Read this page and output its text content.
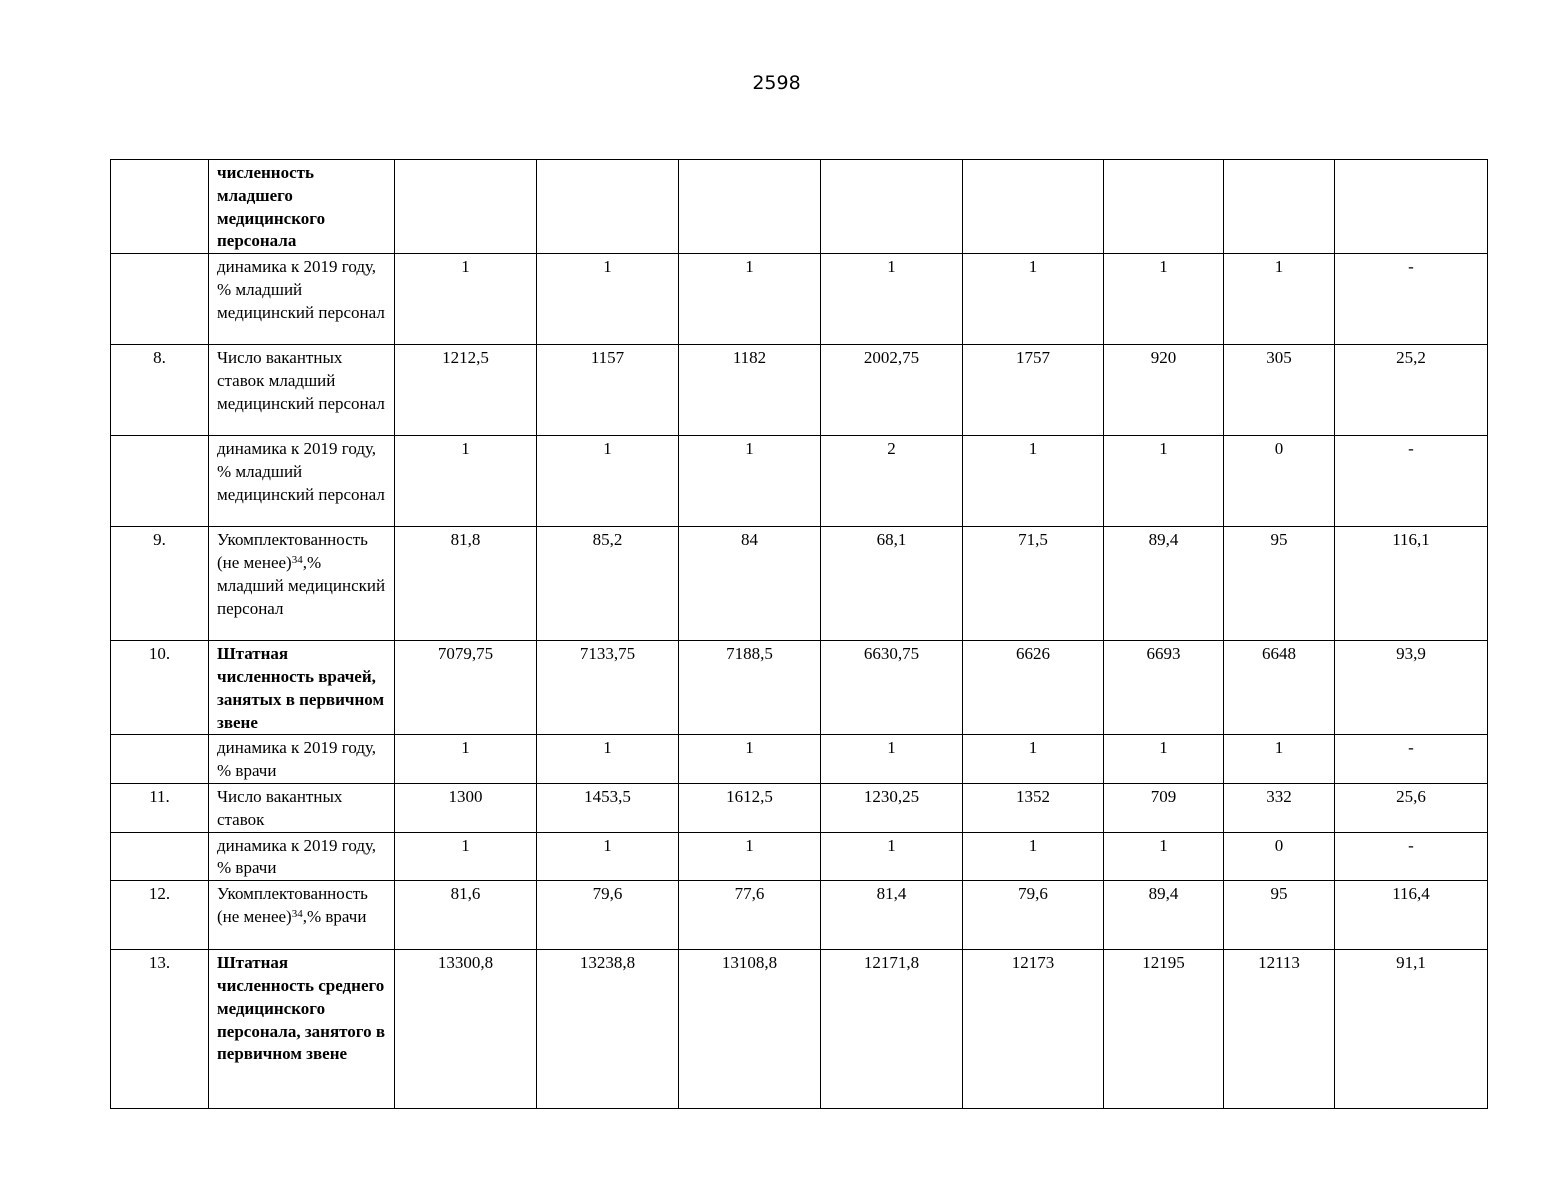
2598
	численность младшего медицинского персонала								
	динамика к 2019 году, % младший медицинский персонал	1	1	1	1	1	1	1	-
8.	Число вакантных ставок младший медицинский персонал	1212,5	1157	1182	2002,75	1757	920	305	25,2
	динамика к 2019 году, % младший медицинский персонал	1	1	1	2	1	1	0	-
9.	Укомплектованность (не менее)$^{34}$,% младший медицинский персонал	81,8	85,2	84	68,1	71,5	89,4	95	116,1
10.	Штатная численность врачей, занятых в первичном звене	7079,75	7133,75	7188,5	6630,75	6626	6693	6648	93,9
	динамика к 2019 году, % врачи	1	1	1	1	1	1	1	-
11.	Число вакантных ставок	1300	1453,5	1612,5	1230,25	1352	709	332	25,6
	динамика к 2019 году, % врачи	1	1	1	1	1	1	0	-
12.	Укомплектованность (не менее)$^{34}$,% врачи	81,6	79,6	77,6	81,4	79,6	89,4	95	116,4
13.	Штатная численность среднего медицинского персонала, занятого в первичном звене	13300,8	13238,8	13108,8	12171,8	12173	12195	12113	91,1
